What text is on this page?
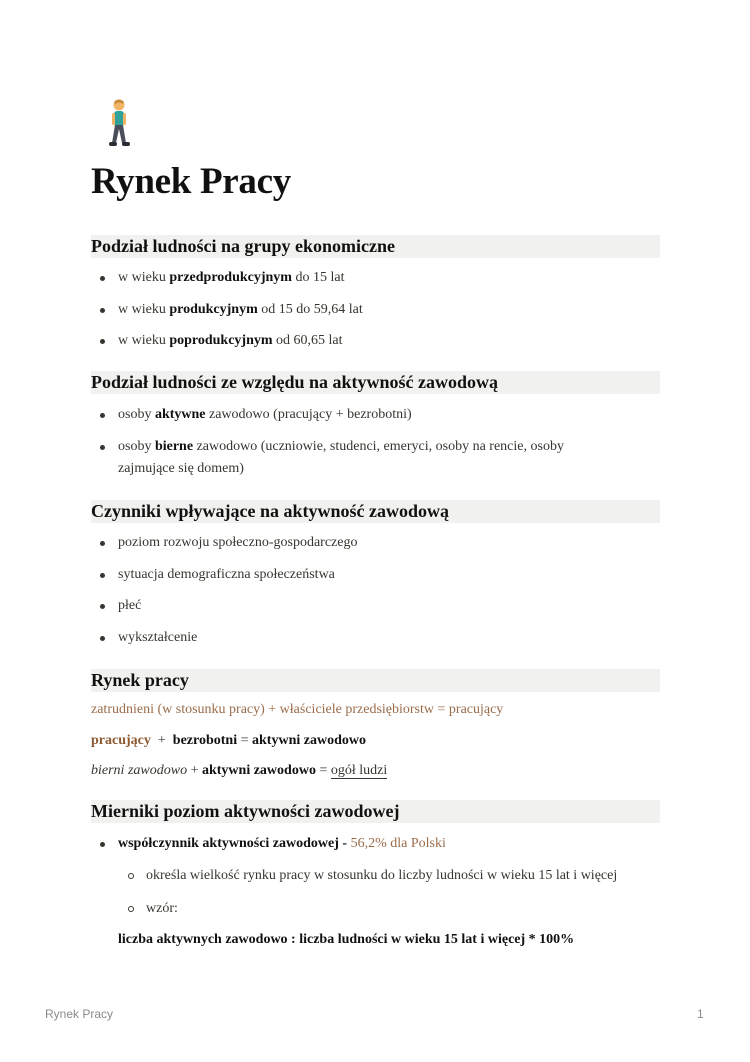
Rynek Pracy
Podział ludności na grupy ekonomiczne
w wieku przedprodukcyjnym do 15 lat
w wieku produkcyjnym od 15 do 59,64 lat
w wieku poprodukcyjnym od 60,65 lat
Podział ludności ze względu na aktywność zawodową
osoby aktywne zawodowo (pracujący + bezrobotni)
osoby bierne zawodowo (uczniowie, studenci, emeryci, osoby na rencie, osoby
zajmujące się domem)
Czynniki wpływające na aktywność zawodową
poziom rozwoju społeczno-gospodarczego
sytuacja demograficzna społeczeństwa
płeć
wykształcenie
Rynek pracy
zatrudnieni (w stosunku pracy) + właściciele przedsiębiorstw = pracujący
pracujący  +  bezrobotni = aktywni zawodowo
bierni zawodowo + aktywni zawodowo = ogół ludzi
Mierniki poziom aktywności zawodowej
współczynnik aktywności zawodowej - 56,2% dla Polski
określa wielkość rynku pracy w stosunku do liczby ludności w wieku 15 lat i więcej
wzór:
liczba aktywnych zawodowo : liczba ludności w wieku 15 lat i więcej * 100%
Rynek Pracy	1
